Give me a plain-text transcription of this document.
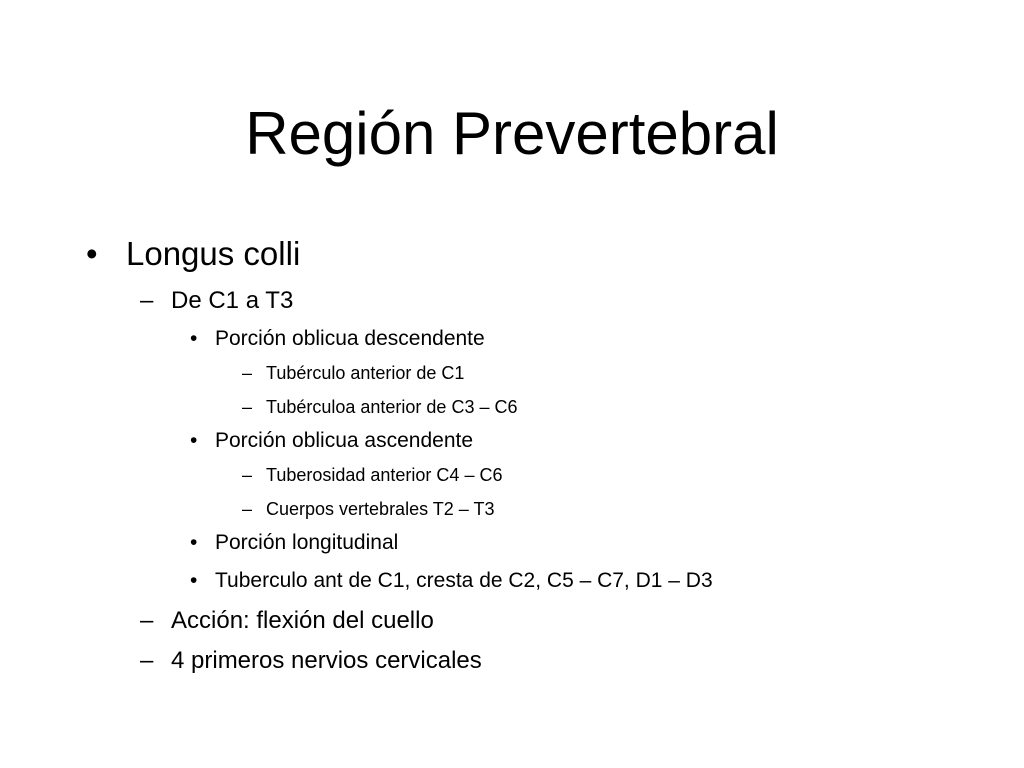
Región Prevertebral
• Longus colli
– De C1 a T3
• Porción oblicua descendente
– Tubérculo anterior de C1
– Tubérculoa anterior de C3 – C6
• Porción oblicua ascendente
– Tuberosidad anterior C4 – C6
– Cuerpos vertebrales T2 – T3
• Porción longitudinal
• Tuberculo ant de C1, cresta de C2, C5 – C7, D1 – D3
– Acción: flexión del cuello
– 4 primeros nervios cervicales
